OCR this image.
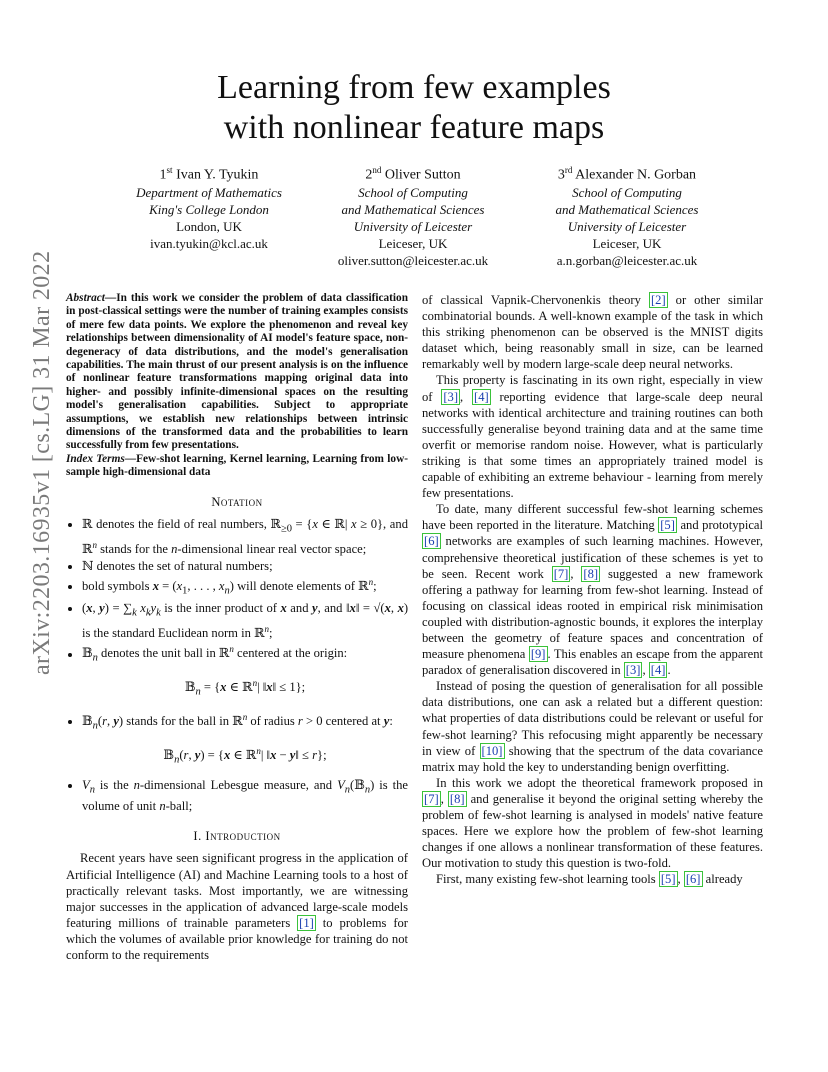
arXiv:2203.16935v1 [cs.LG] 31 Mar 2022
Learning from few examples
with nonlinear feature maps
1st Ivan Y. Tyukin
Department of Mathematics
King's College London
London, UK
ivan.tyukin@kcl.ac.uk
2nd Oliver Sutton
School of Computing
and Mathematical Sciences
University of Leicester
Leiceser, UK
oliver.sutton@leicester.ac.uk
3rd Alexander N. Gorban
School of Computing
and Mathematical Sciences
University of Leicester
Leiceser, UK
a.n.gorban@leicester.ac.uk

Abstract—In this work we consider the problem of data classification in post-classical settings were the number of training examples consists of mere few data points. We explore the phenomenon and reveal key relationships between dimensionality of AI model's feature space, non-degeneracy of data distributions, and the model's generalisation capabilities. The main thrust of our present analysis is on the influence of nonlinear feature transformations mapping original data into higher- and possibly infinite-dimensional spaces on the resulting model's generalisation capabilities. Subject to appropriate assumptions, we establish new relationships between intrinsic dimensions of the transformed data and the probabilities to learn successfully from few presentations.

Index Terms—Few-shot learning, Kernel learning, Learning from low-sample high-dimensional data

Notation
• ℝ denotes the field of real numbers, ℝ$_{\ge 0}$ = {x ∈ ℝ| x ≥ 0}, and ℝ$^n$ stands for the n-dimensional linear real vector space;
• ℕ denotes the set of natural numbers;
• bold symbols $x = (x_1$, . . . , $x_n$) will denote elements of ℝ$^n$;
• (x, $y) = \sum_k$ $x_ky_k$ is the inner product of x and y, and ‖x‖ = √(x, x) is the standard Euclidean norm in ℝ$^n$;
• 𝔹$_n$ denotes the unit ball in ℝ$^n$ centered at the origin:
𝔹$_n$ = {x ∈ ℝ$^n$| ‖x‖ ≤ 1};
• 𝔹$_n$(r, y) stands for the ball in ℝ$^n$ of radius r > 0 centered at y:
𝔹$_n$(r, y) = {x ∈ ℝ$^n$| ‖x − y‖ ≤ r};
• $V_n$ is the n-dimensional Lebesgue measure, and $V_n(𝔹_n)$ is the volume of unit n-ball;
I. Introduction

Recent years have seen significant progress in the application of Artificial Intelligence (AI) and Machine Learning tools to a host of practically relevant tasks. Most importantly, we are witnessing major successes in the application of advanced large-scale models featuring millions of trainable parameters [1] to problems for which the volumes of available prior knowledge for training do not conform to the requirements

of classical Vapnik-Chervonenkis theory [2] or other similar combinatorial bounds. A well-known example of the task in which this striking phenomenon can be observed is the MNIST digits dataset which, being reasonably small in size, can be learned remarkably well by modern large-scale deep neural networks.

This property is fascinating in its own right, especially in view of [3] , [4] reporting evidence that large-scale deep neural networks with identical architecture and training routines can both successfully generalise beyond training data and at the same time overfit or memorise random noise. However, what is particularly striking is that some times an appropriately trained model is capable of exhibiting an extreme behaviour - learning from merely few presentations.

To date, many different successful few-shot learning schemes have been reported in the literature. Matching [5] and prototypical [6] networks are examples of such learning machines. However, comprehensive theoretical justification of these schemes is yet to be seen. Recent work [7] , [8] suggested a new framework offering a pathway for learning from few-shot learning. Instead of focusing on classical ideas rooted in empirical risk minimisation coupled with distribution-agnostic bounds, it explores the interplay between the geometry of feature spaces and concentration of measure phenomena [9] . This enables an escape from the apparent paradox of generalisation discovered in [3] , [4] .

Instead of posing the question of generalisation for all possible data distributions, one can ask a related but a different question: what properties of data distributions could be relevant or useful for few-shot learning? This refocusing might apparently be necessary in view of [10] showing that the spectrum of the data covariance matrix may hold the key to understanding benign overfitting.

In this work we adopt the theoretical framework proposed in [7] , [8] and generalise it beyond the original setting whereby the problem of few-shot learning is analysed in models' native feature spaces. Here we explore how the problem of few-shot learning changes if one allows a nonlinear transformation of these features. Our motivation to study this question is two-fold.

First, many existing few-shot learning tools [5] , [6] already
